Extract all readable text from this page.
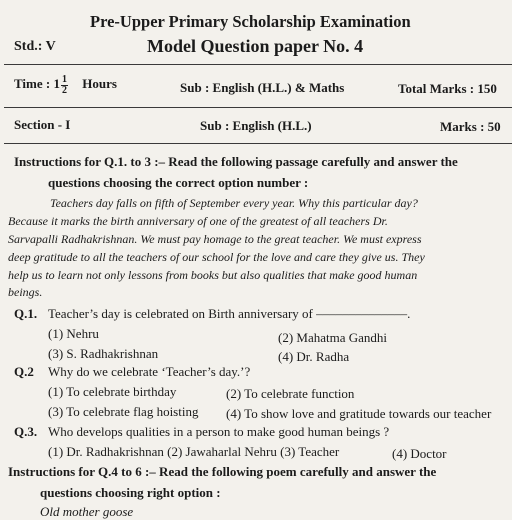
Pre-Upper Primary Scholarship Examination
Std.: V	Model Question paper No. 4
Time : $1 \frac{1}{2}$ Hours	Sub : English (H.L.) & Maths	Total Marks : 150
Section - I	Sub : English (H.L.)	Marks : 50
Instructions for Q.1. to 3 :– Read the following passage carefully and answer the
questions choosing the correct option number :
Teachers day falls on fifth of September every year. Why this particular day?
Because it marks the birth anniversary of one of the greatest of all teachers Dr.
Sarvapalli Radhakrishnan. We must pay homage to the great teacher. We must express
deep gratitude to all the teachers of our school for the love and care they give us. They
help us to learn not only lessons from books but also qualities that make good human
beings.
Q.1. Teacher’s day is celebrated on Birth anniversary of ––––––––––––––.
(1) Nehru	(2) Mahatma Gandhi
(3) S. Radhakrishnan	(4) Dr. Radha
Q.2 Why do we celebrate ‘Teacher’s day.’?
(1) To celebrate birthday	(2) To celebrate function
(3) To celebrate flag hoisting (4) To show love and gratitude towards our teacher
Q.3. Who develops qualities in a person to make good human beings ?
(1) Dr. Radhakrishnan (2) Jawaharlal Nehru (3) Teacher	(4) Doctor
Instructions for Q.4 to 6 :– Read the following poem carefully and answer the
questions choosing right option :
Old mother goose
